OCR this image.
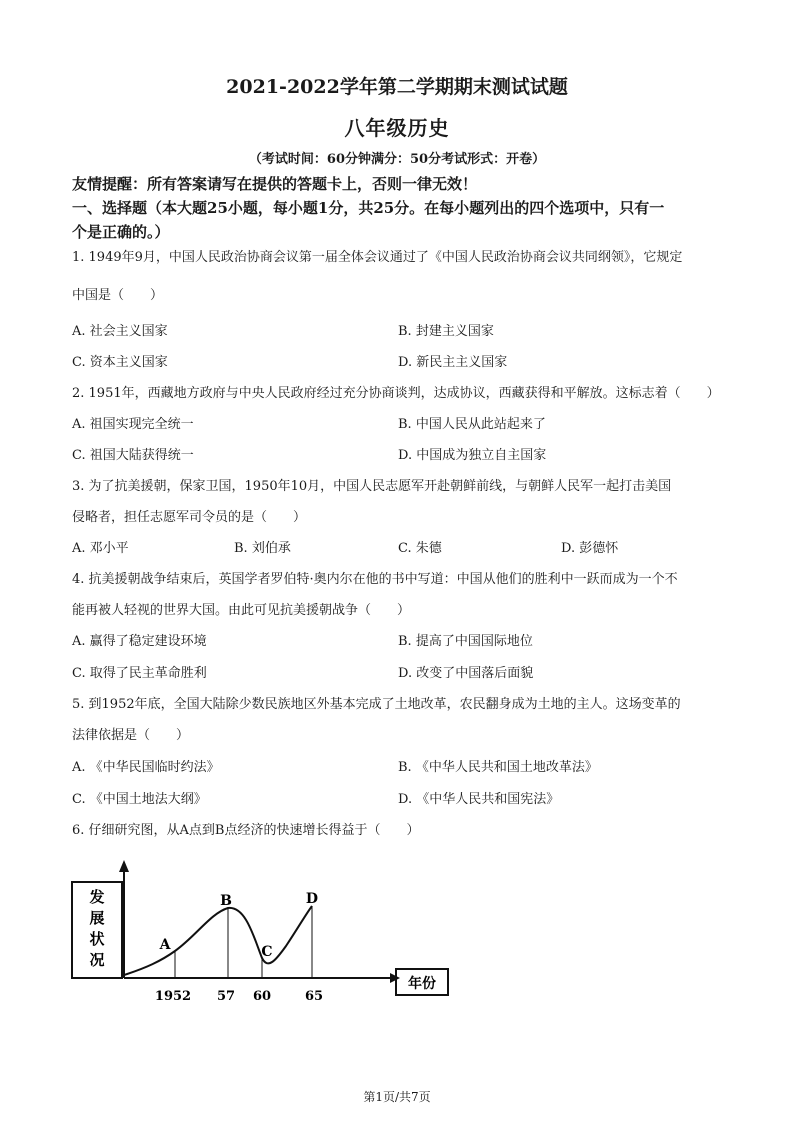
2021-2022学年第二学期期末测试试题
八年级历史
（考试时间：60分钟满分：50分考试形式：开卷）
友情提醒：所有答案请写在提供的答题卡上，否则一律无效！
一、选择题（本大题25小题，每小题1分，共25分。在每小题列出的四个选项中，只有一
个是正确的。）
1. 1949年9月，中国人民政治协商会议第一届全体会议通过了《中国人民政治协商会议共同纲领》，它规定
中国是（　　）
A. 社会主义国家	B. 封建主义国家
C. 资本主义国家	D. 新民主主义国家
2. 1951年，西藏地方政府与中央人民政府经过充分协商谈判，达成协议，西藏获得和平解放。这标志着（　　）
A. 祖国实现完全统一	B. 中国人民从此站起来了
C. 祖国大陆获得统一	D. 中国成为独立自主国家
3. 为了抗美援朝，保家卫国，1950年10月，中国人民志愿军开赴朝鲜前线，与朝鲜人民军一起打击美国
侵略者，担任志愿军司令员的是（　　）
A. 邓小平	B. 刘伯承	C. 朱德	D. 彭德怀
4. 抗美援朝战争结束后，英国学者罗伯特·奥内尔在他的书中写道：中国从他们的胜利中一跃而成为一个不
能再被人轻视的世界大国。由此可见抗美援朝战争（　　）
A. 赢得了稳定建设环境	B. 提高了中国国际地位
C. 取得了民主革命胜利	D. 改变了中国落后面貌
5. 到1952年底，全国大陆除少数民族地区外基本完成了土地改革，农民翻身成为土地的主人。这场变革的
法律依据是（　　）
A. 《中华民国临时约法》	B. 《中华人民共和国土地改革法》
C. 《中国土地法大纲》	D. 《中华人民共和国宪法》
6. 仔细研究图，从A点到B点经济的快速增长得益于（　　）
发
展
状
况
年份
A
B
C
D
1952 57 60	65
第1页/共7页
